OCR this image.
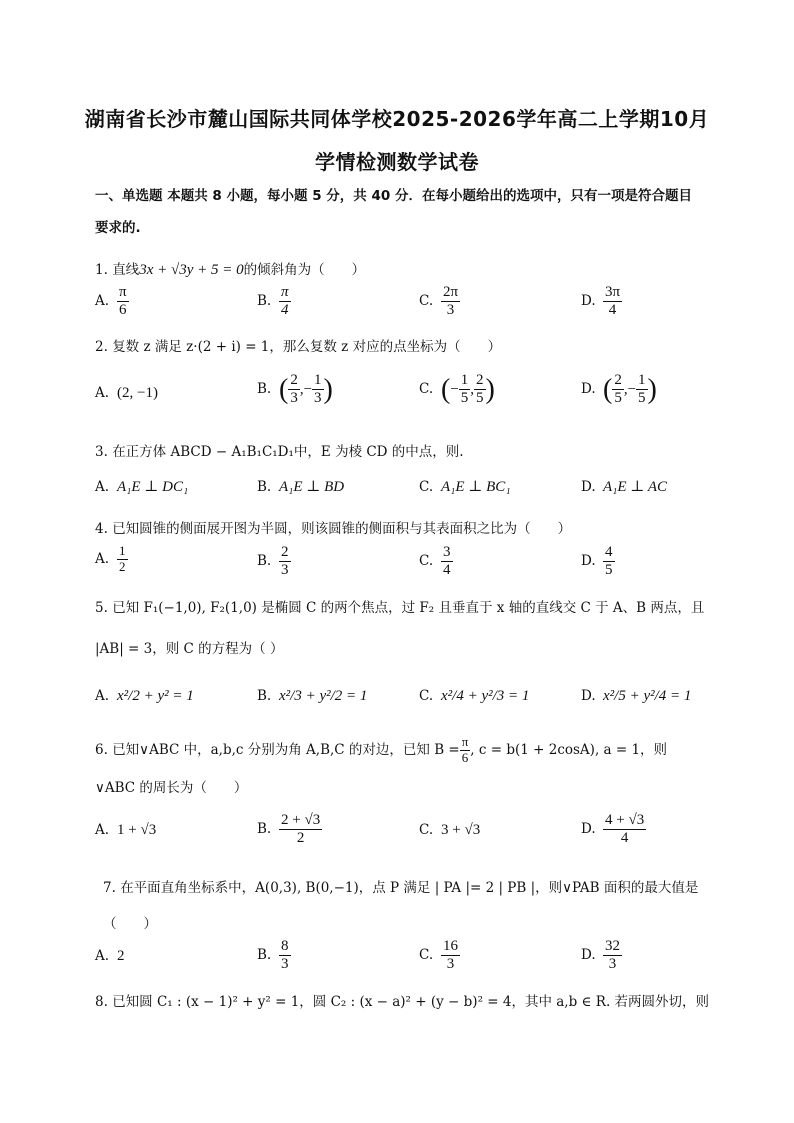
湖南省长沙市麓山国际共同体学校2025-2026学年高二上学期10月
学情检测数学试卷
一、单选题 本题共 8 小题，每小题 5 分，共 40 分．在每小题给出的选项中，只有一项是符合题目
要求的.
1. 直线3x + √3y + 5 = 0的倾斜角为（　　）
A. $\frac{\pi}{6}$	B. $\frac{\pi}{4}$	C. $\frac{2\pi}{3}$	D. $\frac{3\pi}{4}$
2. 复数 z 满足 z·(2 + i) = 1，那么复数 z 对应的点坐标为（　　）
A. (2, −1)	B. ( $\frac{2}{3}$ ,− $\frac{1}{3}$ )	C. (− $\frac{1}{5}$ , $\frac{2}{5}$ )	D. ( $\frac{2}{5}$ ,− $\frac{1}{5}$ )
3. 在正方体 ABCD − A₁B₁C₁D₁中，E 为棱 CD 的中点，则.
A. A₁E ⊥ DC₁	B. A₁E ⊥ BD	C. A₁E ⊥ BC₁	D. A₁E ⊥ AC
4. 已知圆锥的侧面展开图为半圆，则该圆锥的侧面积与其表面积之比为（　　）
A. $\frac{1}{2}$	B. $\frac{2}{3}$	C. $\frac{3}{4}$	D. $\frac{4}{5}$
5. 已知 F₁(−1,0), F₂(1,0) 是椭圆 C 的两个焦点，过 F₂ 且垂直于 x 轴的直线交 C 于 A、B 两点，且
|AB| = 3，则 C 的方程为（ ）
A. x²/2 + y² = 1	B. x²/3 + y²/2 = 1	C. x²/4 + y²/3 = 1	D. x²/5 + y²/4 = 1
6. 已知∨ABC 中，a,b,c 分别为角 A,B,C 的对边，已知 $B = \frac{\pi}{6}$ , c = b(1 + 2cosA), a = 1，则
∨ABC 的周长为（　　）
A. 1 + √3	B. $\frac{2 + √3}{2}$	C. 3 + √3	D. $\frac{4 + √3}{4}$
7. 在平面直角坐标系中，A(0,3), B(0,−1)，点 P 满足 | PA |= 2 | PB |，则∨PAB 面积的最大值是
（　　）
A. 2	B. $\frac{8}{3}$	C. $\frac{16}{3}$	D. $\frac{32}{3}$
8. 已知圆 C₁ : (x − 1)² + y² = 1，圆 C₂ : (x − a)² + (y − b)² = 4，其中 a,b ∈ R. 若两圆外切，则
